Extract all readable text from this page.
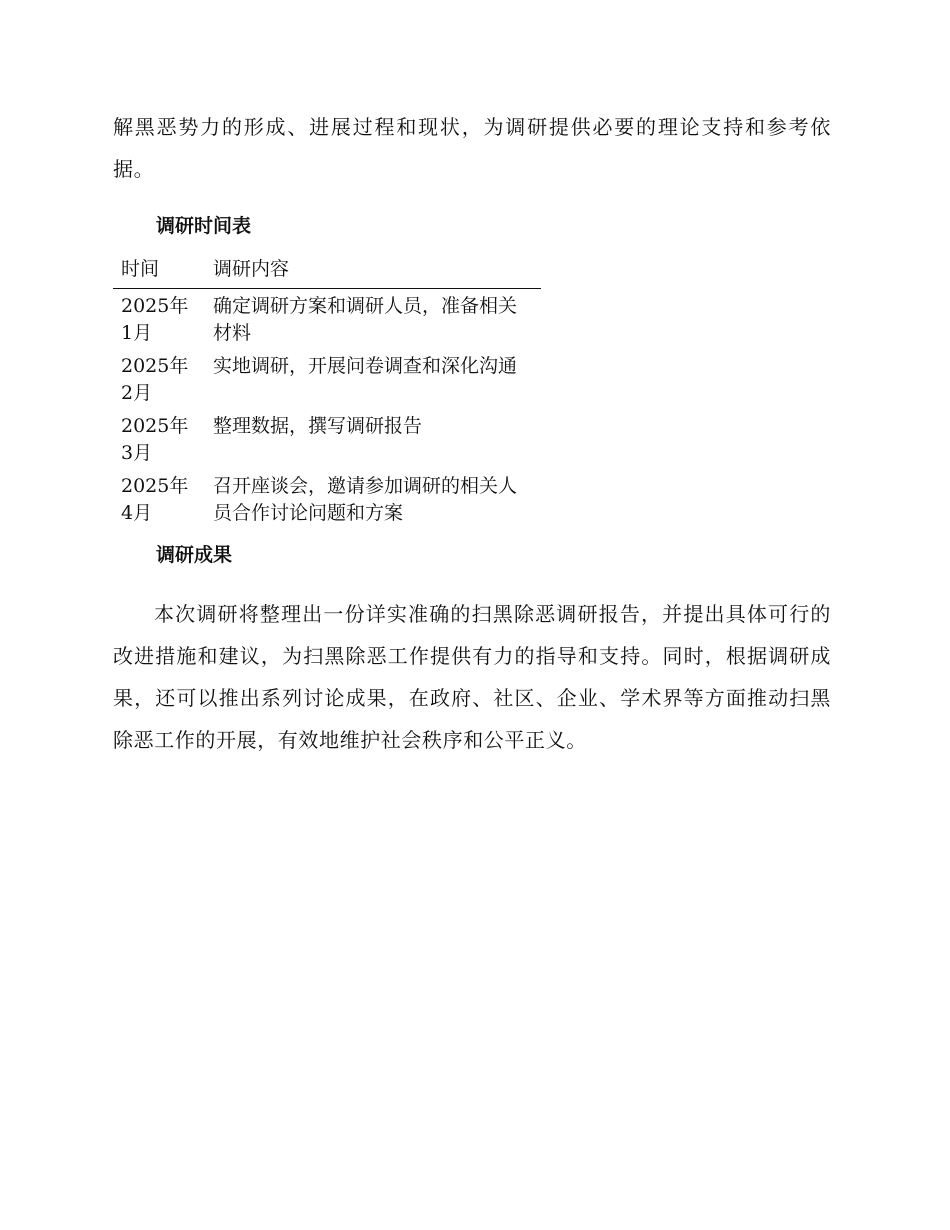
解黑恶势力的形成、进展过程和现状，为调研提供必要的理论支持和参考依据。

调研时间表
时间	调研内容
2025年1月	确定调研方案和调研人员，准备相关材料
2025年2月	实地调研，开展问卷调查和深化沟通
2025年3月	整理数据，撰写调研报告
2025年4月	召开座谈会，邀请参加调研的相关人员合作讨论问题和方案
调研成果

本次调研将整理出一份详实准确的扫黑除恶调研报告，并提出具体可行的改进措施和建议，为扫黑除恶工作提供有力的指导和支持。同时，根据调研成果，还可以推出系列讨论成果，在政府、社区、企业、学术界等方面推动扫黑除恶工作的开展，有效地维护社会秩序和公平正义。
